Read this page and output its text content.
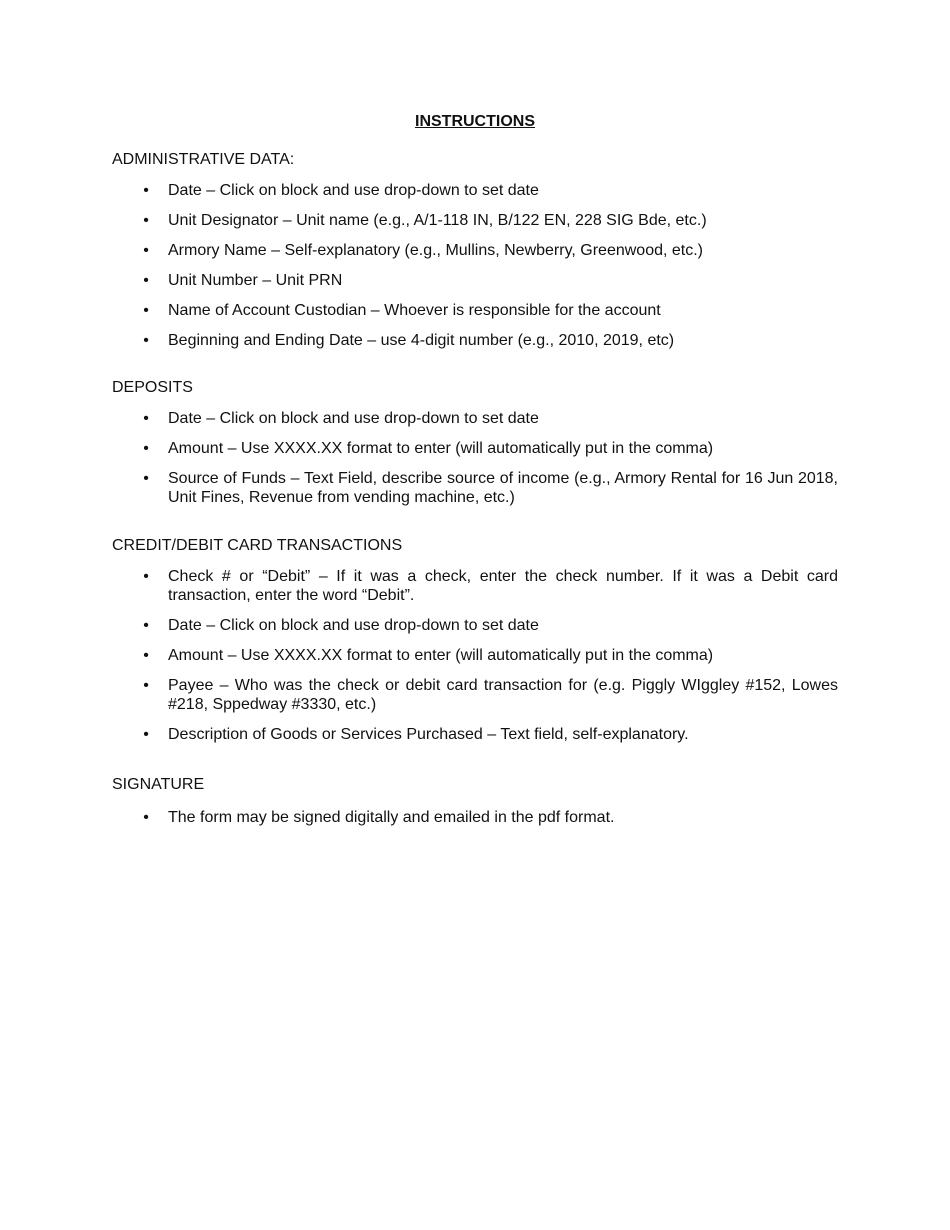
INSTRUCTIONS

ADMINISTRATIVE DATA:

• Date – Click on block and use drop-down to set date
• Unit Designator – Unit name (e.g., A/1-118 IN, B/122 EN, 228 SIG Bde, etc.)
• Armory Name – Self-explanatory (e.g., Mullins, Newberry, Greenwood, etc.)
• Unit Number – Unit PRN
• Name of Account Custodian – Whoever is responsible for the account
• Beginning and Ending Date – use 4-digit number (e.g., 2010, 2019, etc)

DEPOSITS

• Date – Click on block and use drop-down to set date
• Amount – Use XXXX.XX format to enter (will automatically put in the comma)
• Source of Funds – Text Field, describe source of income (e.g., Armory Rental for 16 Jun 2018, Unit Fines, Revenue from vending machine, etc.)

CREDIT/DEBIT CARD TRANSACTIONS

• Check # or “Debit” – If it was a check, enter the check number. If it was a Debit card transaction, enter the word “Debit”.
• Date – Click on block and use drop-down to set date
• Amount – Use XXXX.XX format to enter (will automatically put in the comma)
• Payee – Who was the check or debit card transaction for (e.g. Piggly WIggley #152, Lowes #218, Sppedway #3330, etc.)
• Description of Goods or Services Purchased – Text field, self-explanatory.

SIGNATURE

• The form may be signed digitally and emailed in the pdf format.
